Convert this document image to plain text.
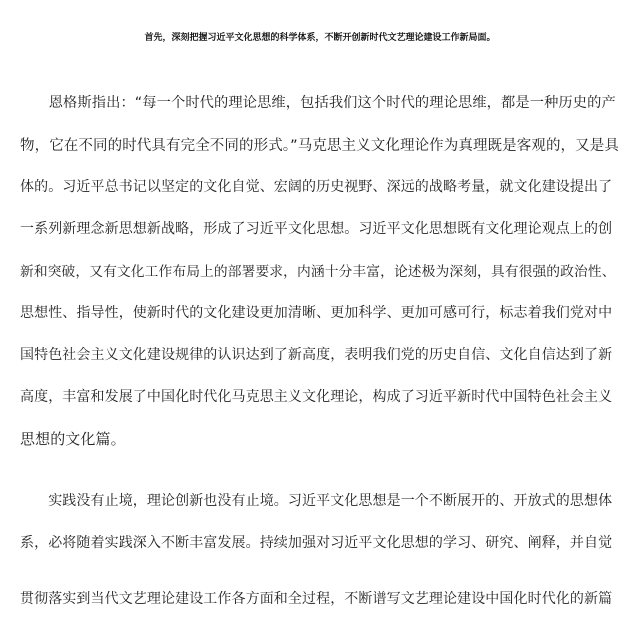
首先，深刻把握习近平文化思想的科学体系，不断开创新时代文艺理论建设工作新局面。
　　恩格斯指出：“每一个时代的理论思维，包括我们这个时代的理论思维，都是一种历史的产
物，它在不同的时代具有完全不同的形式。”马克思主义文化理论作为真理既是客观的，又是具
体的。习近平总书记以坚定的文化自觉、宏阔的历史视野、深远的战略考量，就文化建设提出了
一系列新理念新思想新战略，形成了习近平文化思想。习近平文化思想既有文化理论观点上的创
新和突破，又有文化工作布局上的部署要求，内涵十分丰富，论述极为深刻，具有很强的政治性、
思想性、指导性，使新时代的文化建设更加清晰、更加科学、更加可感可行，标志着我们党对中
国特色社会主义文化建设规律的认识达到了新高度，表明我们党的历史自信、文化自信达到了新
高度，丰富和发展了中国化时代化马克思主义文化理论，构成了习近平新时代中国特色社会主义
思想的文化篇。
　　实践没有止境，理论创新也没有止境。习近平文化思想是一个不断展开的、开放式的思想体
系，必将随着实践深入不断丰富发展。持续加强对习近平文化思想的学习、研究、阐释，并自觉
贯彻落实到当代文艺理论建设工作各方面和全过程，不断谱写文艺理论建设中国化时代化的新篇
